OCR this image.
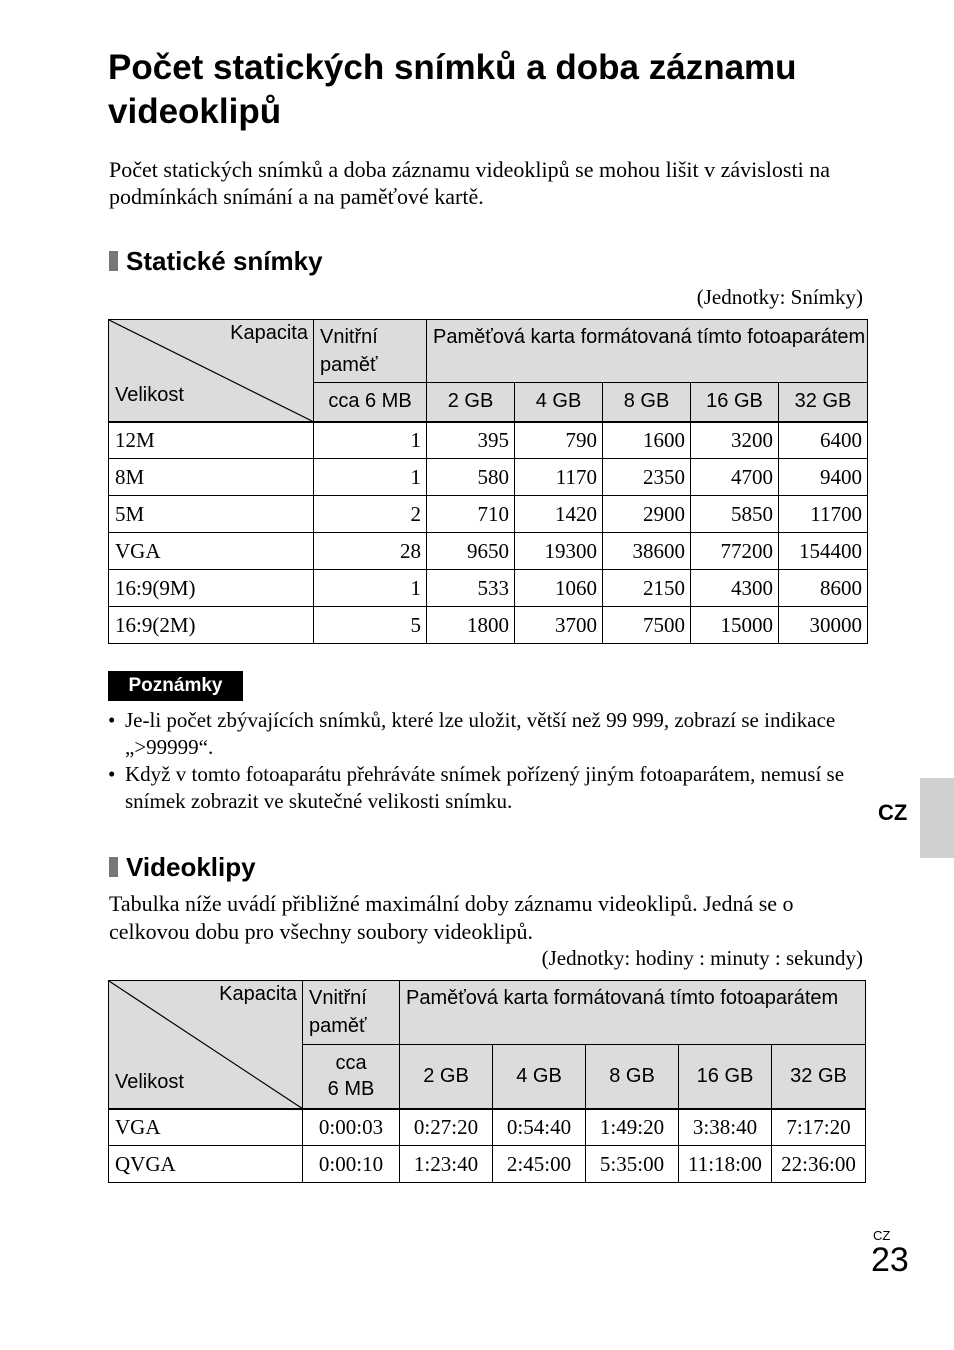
Počet statických snímků a doba záznamu videoklipů

Počet statických snímků a doba záznamu videoklipů se mohou lišit v závislosti na podmínkách snímání a na paměťové kartě.

Statické snímky
(Jednotky: Snímky)
Kapacita
Velikost	Vnitřní paměť	Paměťová karta formátovaná tímto fotoaparátem				
	cca 6 MB	2 GB	4 GB	8 GB	16 GB	32 GB
12M	1	395	790	1600	3200	6400
8M	1	580	1170	2350	4700	9400
5M	2	710	1420	2900	5850	11700
VGA	28	9650	19300	38600	77200	154400
16:9(9M)	1	533	1060	2150	4300	8600
16:9(2M)	5	1800	3700	7500	15000	30000
Poznámky
• Je-li počet zbývajících snímků, které lze uložit, větší než 99 999, zobrazí se indikace „>99999“.
• Když v tomto fotoaparátu přehráváte snímek pořízený jiným fotoaparátem, nemusí se snímek zobrazit ve skutečné velikosti snímku.
Videoklipy

Tabulka níže uvádí přibližné maximální doby záznamu videoklipů. Jedná se o celkovou dobu pro všechny soubory videoklipů.

(Jednotky: hodiny : minuty : sekundy)
Kapacita
Velikost	Vnitřní paměť	Paměťová karta formátovaná tímto fotoaparátem				
	cca
6 MB	2 GB	4 GB	8 GB	16 GB	32 GB
VGA	0:00:03	0:27:20	0:54:40	1:49:20	3:38:40	7:17:20
QVGA	0:00:10	1:23:40	2:45:00	5:35:00	11:18:00	22:36:00
CZ
CZ
23
